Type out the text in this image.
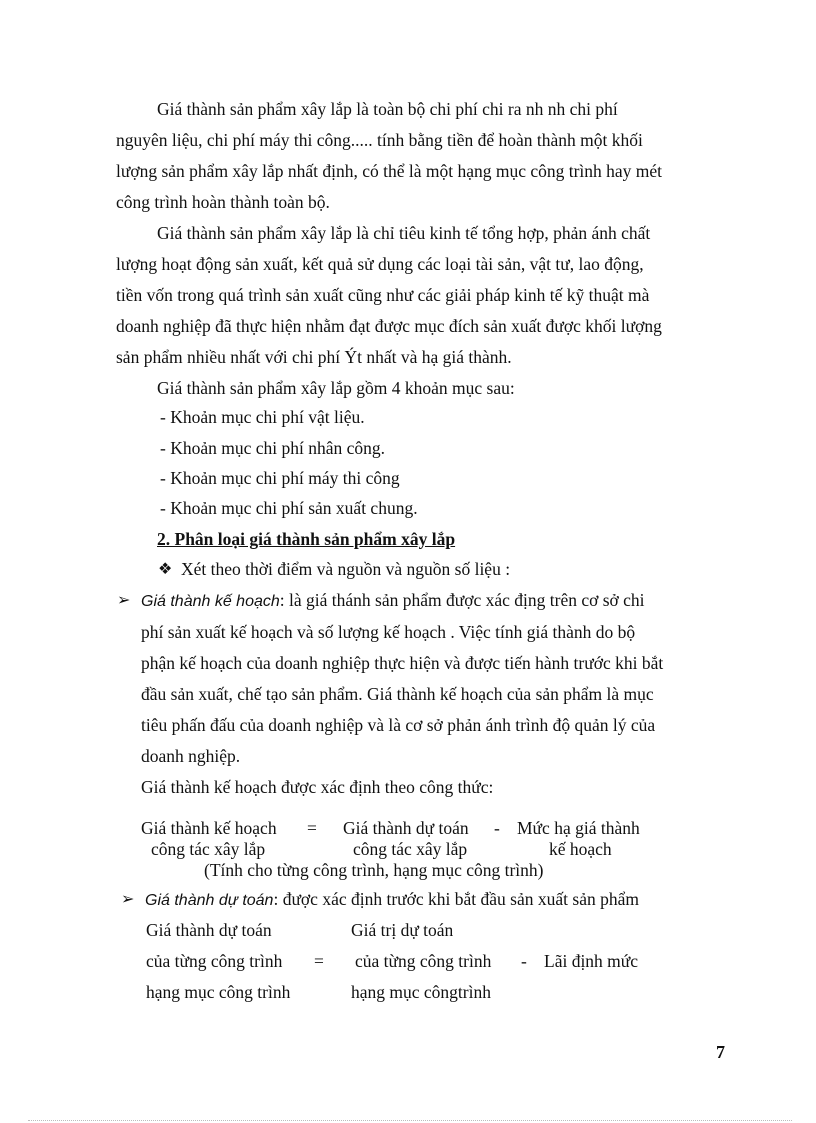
Giá thành sản phẩm xây lắp là toàn bộ chi phí chi ra nh nh chi phí
nguyên liệu, chi phí máy thi công..... tính bằng tiền để hoàn thành một khối
lượng sản phẩm xây lắp nhất định, có thể là một hạng mục công trình hay mét
công trình hoàn thành toàn bộ.
Giá thành sản phẩm xây lắp là chỉ tiêu kinh tế tổng hợp, phản ánh chất
lượng hoạt động sản xuất, kết quả sử dụng các loại tài sản, vật tư, lao động,
tiền vốn trong quá trình sản xuất cũng như các giải pháp kinh tế kỹ thuật mà
doanh nghiệp đã thực hiện nhằm đạt được mục đích sản xuất được khối lượng
sản phẩm nhiều nhất với chi phí Ýt nhất và hạ giá thành.
Giá thành sản phẩm xây lắp gồm 4 khoản mục sau:
- Khoản mục chi phí vật liệu.
- Khoản mục chi phí nhân công.
- Khoản mục chi phí máy thi công
- Khoản mục chi phí sản xuất chung.
2. Phân loại giá thành sản phẩm xây lắp
❖ Xét theo thời điểm và nguồn và nguồn số liệu :
➢ Giá thành kế hoạch: là giá thánh sản phẩm được xác địng trên cơ sở chi
phí sản xuất kế hoạch và số lượng kế hoạch . Việc tính giá thành do bộ
phận kế hoạch của doanh nghiệp thực hiện và được tiến hành trước khi bắt
đầu sản xuất, chế tạo sản phẩm. Giá thành kế hoạch của sản phẩm là mục
tiêu phấn đấu của doanh nghiệp và là cơ sở phản ánh trình độ quản lý của
doanh nghiệp.
Giá thành kế hoạch được xác định theo công thức:
Giá thành kế hoạch = Giá thành dự toán - Mức hạ giá thành
công tác xây lắp	công tác xây lắp	kế hoạch
(Tính cho từng công trình, hạng mục công trình)
➢ Giá thành dự toán: được xác định trước khi bắt đầu sản xuất sản phẩm
Giá thành dự toán	Giá trị dự toán
của từng công trình = của từng công trình - Lãi định mức
hạng mục công trình	hạng mục côngtrình
7
